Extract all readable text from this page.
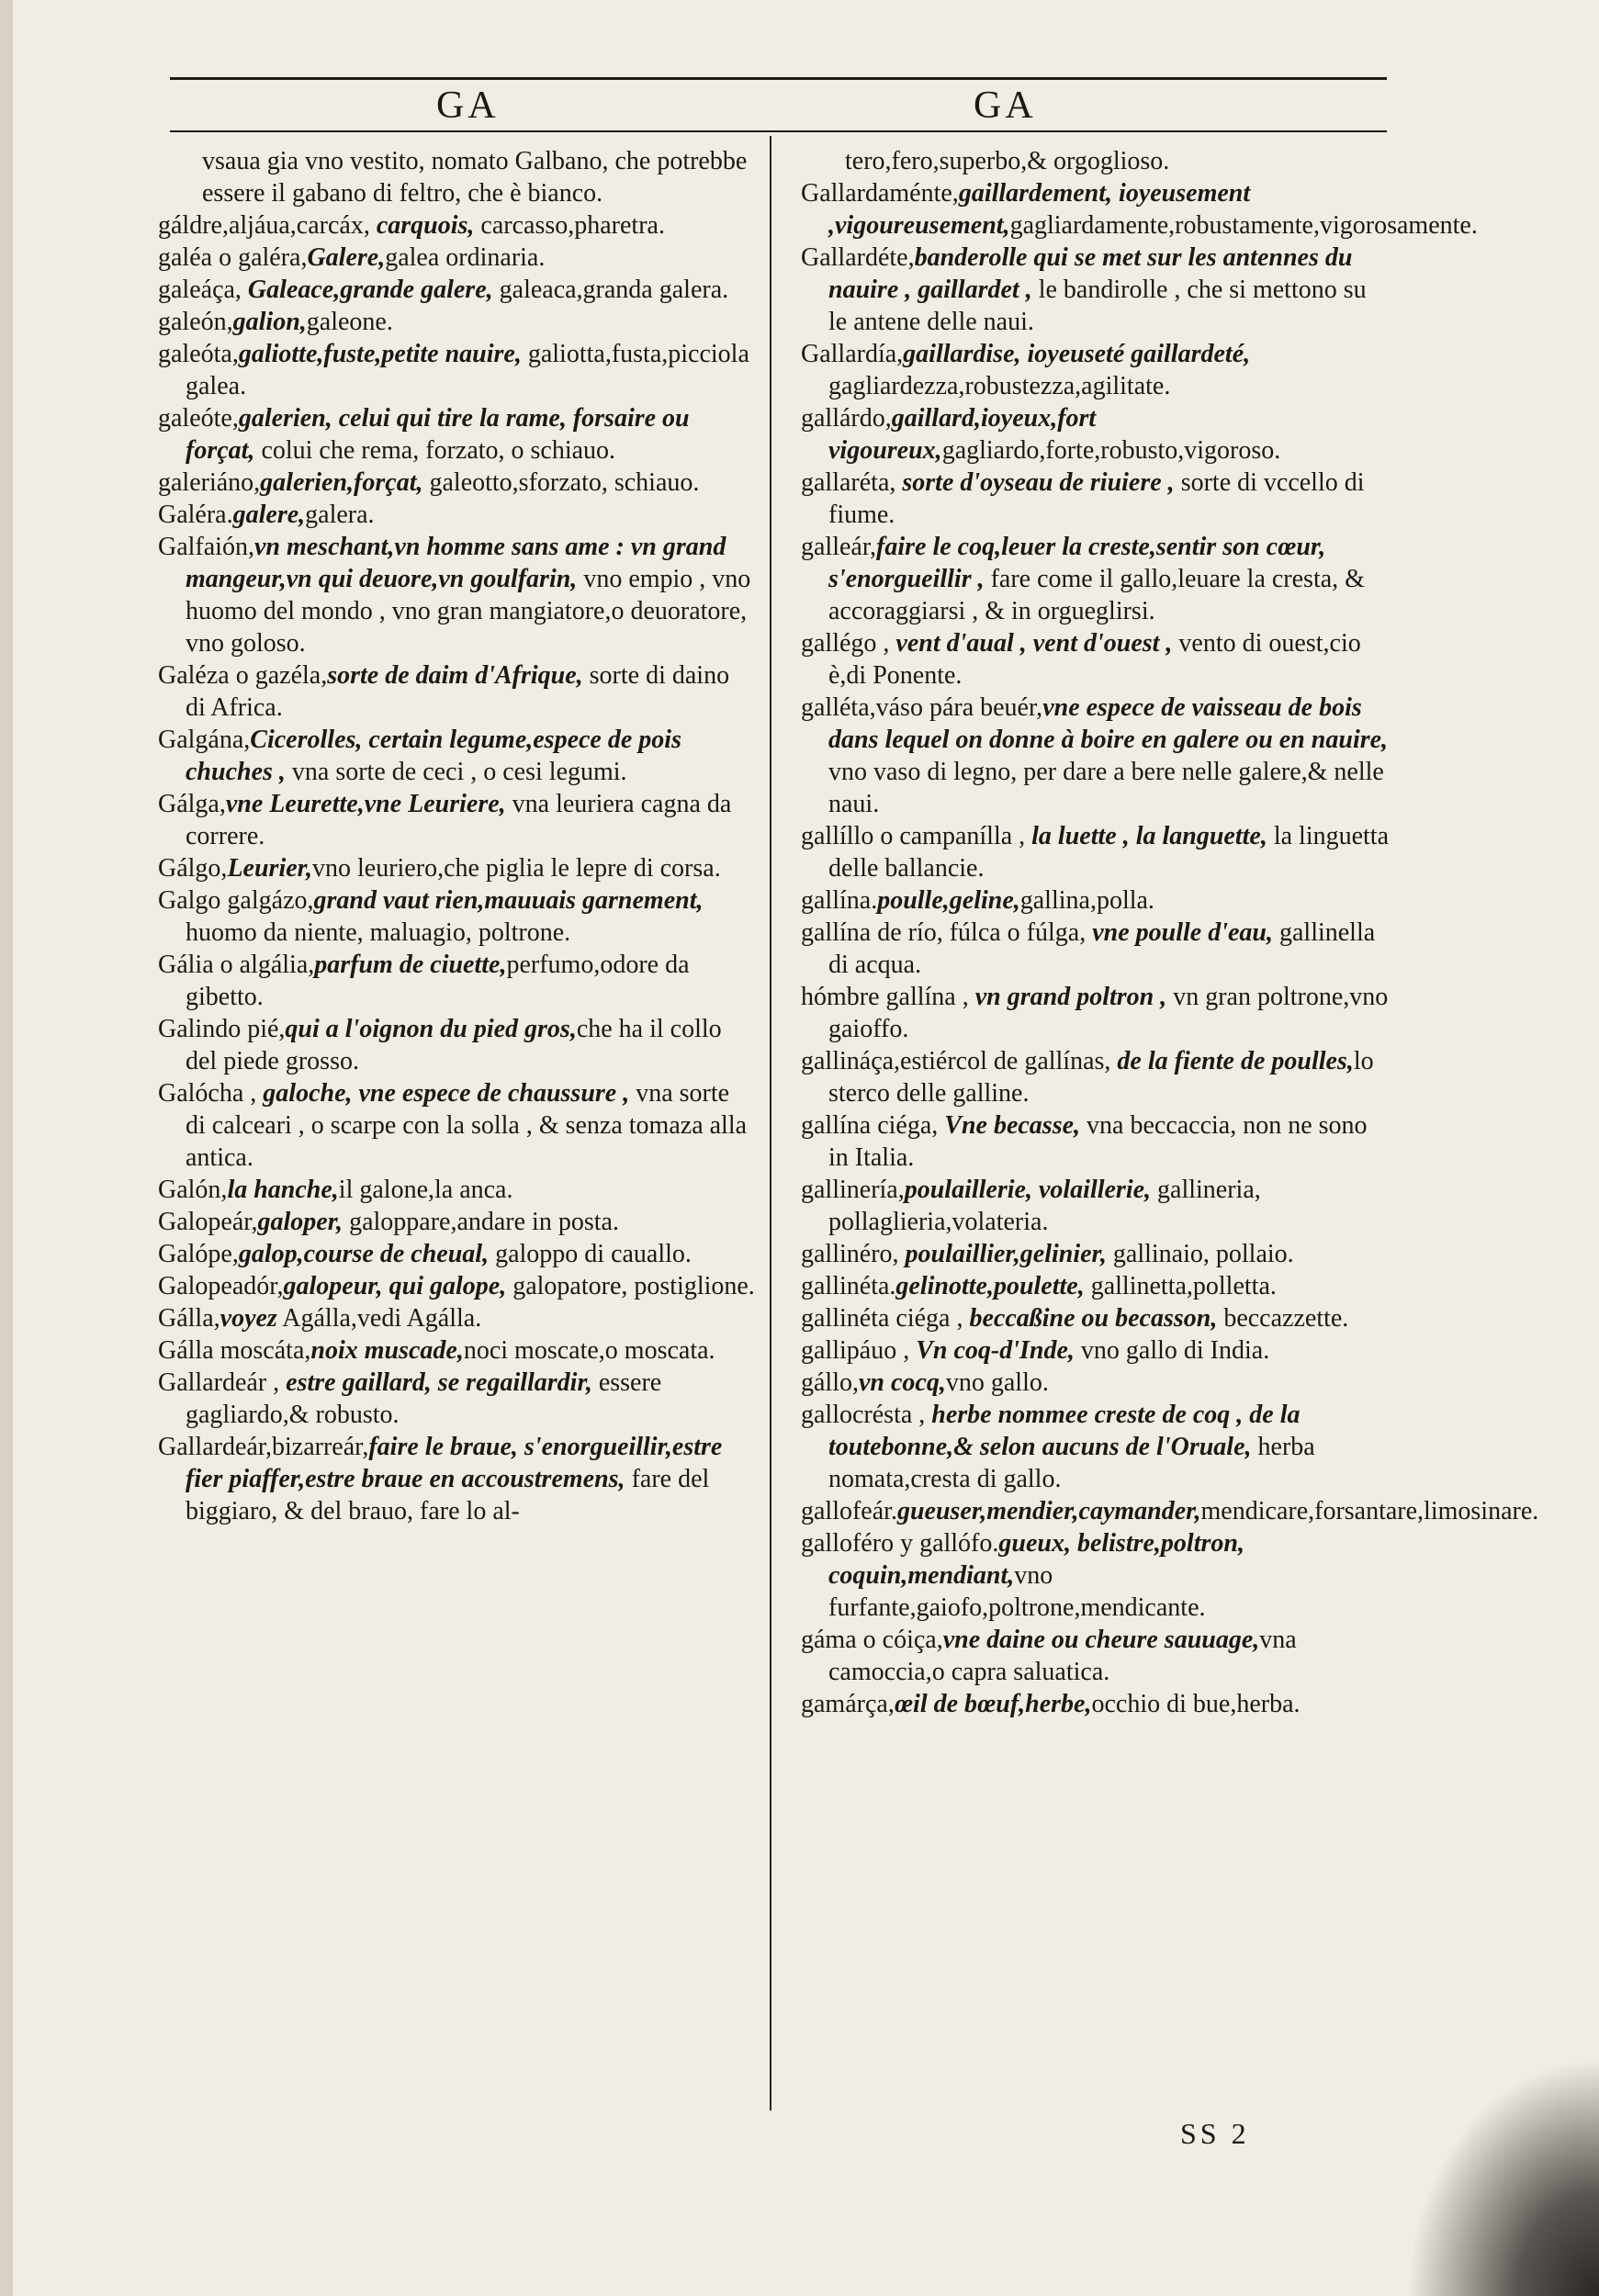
GA	GA
vsaua gia vno vestito, nomato Galbano, che potrebbe essere il gabano di feltro, che è bianco.
gáldre,aljáua,carcáx, carquois, carcasso,pharetra.
galéa o galéra,Galere,galea ordinaria.
galeáça, Galeace,grande galere, galeaca,granda galera.
galeón,galion,galeone.
galeóta,galiotte,fuste,petite nauire, galiotta,fusta,picciola galea.
galeóte,galerien, celui qui tire la rame, forsaire ou forçat, colui che rema, forzato, o schiauo.
galeriáno,galerien,forçat, galeotto,sforzato, schiauo.
Galéra.galere,galera.
Galfaión,vn meschant,vn homme sans ame : vn grand mangeur,vn qui deuore,vn goulfarin, vno empio , vno huomo del mondo , vno gran mangiatore,o deuoratore, vno goloso.
Galéza o gazéla,sorte de daim d'Afrique, sorte di daino di Africa.
Galgána,Cicerolles, certain legume,espece de pois chuches , vna sorte de ceci , o cesi legumi.
Gálga,vne Leurette,vne Leuriere, vna leuriera cagna da correre.
Gálgo,Leurier,vno leuriero,che piglia le lepre di corsa.
Galgo galgázo,grand vaut rien,mauuais garnement, huomo da niente, maluagio, poltrone.
Gália o algália,parfum de ciuette,perfumo,odore da gibetto.
Galindo pié,qui a l'oignon du pied gros,che ha il collo del piede grosso.
Galócha , galoche, vne espece de chaussure , vna sorte di calceari , o scarpe con la solla , & senza tomaza alla antica.
Galón,la hanche,il galone,la anca.
Galopeár,galoper, galoppare,andare in posta.
Galópe,galop,course de cheual, galoppo di cauallo.
Galopeadór,galopeur, qui galope, galopatore, postiglione.
Gálla,voyez Agálla,vedi Agálla.
Gálla moscáta,noix muscade,noci moscate,o moscata.
Gallardeár , estre gaillard, se regaillardir, essere gagliardo,& robusto.
Gallardeár,bizarreár,faire le braue, s'enorgueillir,estre fier piaffer,estre braue en accoustremens, fare del biggiaro, & del brauo, fare lo al-
tero,fero,superbo,& orgoglioso.
Gallardaménte,gaillardement, ioyeusement ,vigoureusement,gagliardamente,robustamente,vigorosamente.
Gallardéte,banderolle qui se met sur les antennes du nauire , gaillardet , le bandirolle , che si mettono su le antene delle naui.
Gallardía,gaillardise, ioyeuseté gaillardeté, gagliardezza,robustezza,agilitate.
gallárdo,gaillard,ioyeux,fort vigoureux,gagliardo,forte,robusto,vigoroso.
gallaréta, sorte d'oyseau de riuiere , sorte di vccello di fiume.
galleár,faire le coq,leuer la creste,sentir son cœur, s'enorgueillir , fare come il gallo,leuare la cresta, & accoraggiarsi , & in orgueglirsi.
gallégo , vent d'aual , vent d'ouest , vento di ouest,cio è,di Ponente.
galléta,váso pára beuér,vne espece de vaisseau de bois dans lequel on donne à boire en galere ou en nauire, vno vaso di legno, per dare a bere nelle galere,& nelle naui.
gallíllo o campaníllа , la luette , la languette, la linguetta delle ballancie.
gallína.poulle,geline,gallina,polla.
gallína de río, fúlca o fúlga, vne poulle d'eau, gallinella di acqua.
hómbre gallína , vn grand poltron , vn gran poltrone,vno gaioffo.
gallináça,estiércol de gallínas, de la fiente de poulles,lo sterco delle galline.
gallína ciéga, Vne becasse, vna beccaccia, non ne sono in Italia.
gallinería,poulaillerie, volaillerie, gallineria, pollaglieria,volateria.
gallinéro, poulaillier,gelinier, gallinaio, pollaio.
gallinéta.gelinotte,poulette, gallinetta,polletta.
gallinéta ciéga , beccaßine ou becasson, beccazzette.
gallipáuo , Vn coq-d'Inde, vno gallo di India.
gállo,vn cocq,vno gallo.
gallocrésta , herbe nommee creste de coq , de la toutebonne,& selon aucuns de l'Oruale, herba nomata,cresta di gallo.
gallofeár.gueuser,mendier,caymander,mendicare,forsantare,limosinare.
galloféro y gallófo.gueux, belistre,poltron, coquin,mendiant,vno furfante,gaiofo,poltrone,mendicante.
gáma o cóiça,vne daine ou cheure sauuage,vna camoccia,o capra saluatica.
gamárça,œil de bœuf,herbe,occhio di bue,herba.
SS 2
